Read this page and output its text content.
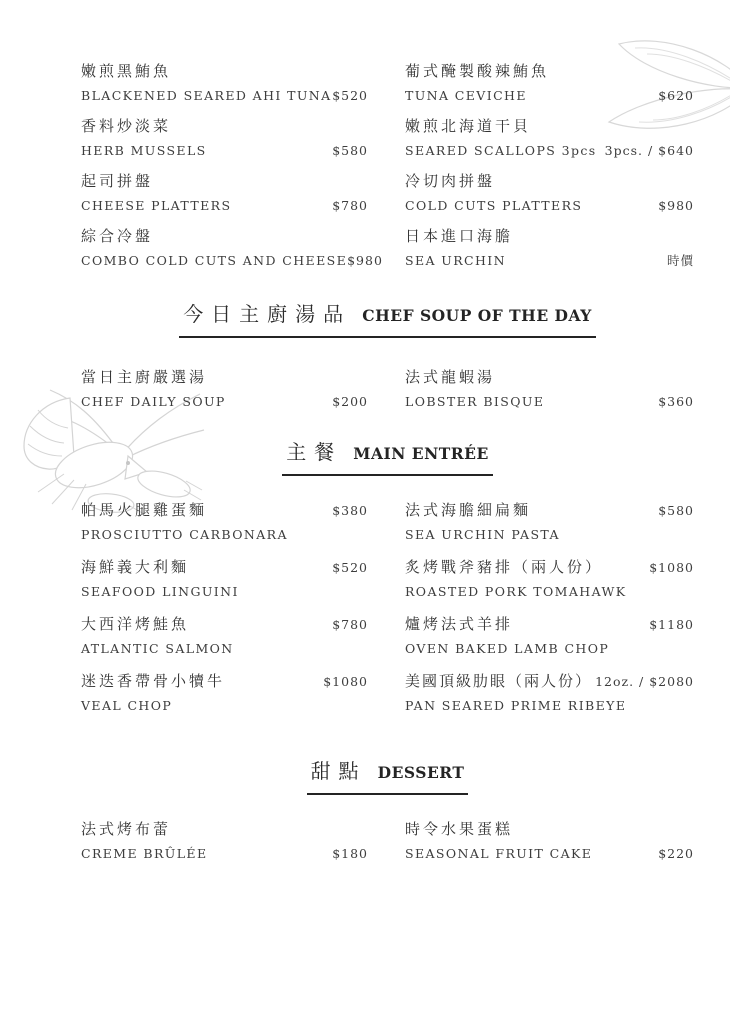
嫩煎黑鮪魚
BLACKENED SEARED AHI TUNA $520
葡式醃製酸辣鮪魚
TUNA CEVICHE	$620
香料炒淡菜
HERB MUSSELS	$580
嫩煎北海道干貝
SEARED SCALLOPS 3pcs 3pcs. / $640
起司拼盤
CHEESE PLATTERS	$780
冷切肉拼盤
COLD CUTS PLATTERS	$980
綜合冷盤
COMBO COLD CUTS AND CHEESE $980
日本進口海膽
SEA URCHIN	時價
今日主廚湯品 CHEF SOUP OF THE DAY
當日主廚嚴選湯
CHEF DAILY SOUP	$200
法式龍蝦湯
LOBSTER BISQUE	$360
主餐 MAIN ENTRÉE
帕馬火腿雞蛋麵	$380
PROSCIUTTO CARBONARA
法式海膽細扁麵	$580
SEA URCHIN PASTA
海鮮義大利麵	$520
SEAFOOD LINGUINI
炙烤戰斧豬排（兩人份）	$1080
ROASTED PORK TOMAHAWK
大西洋烤鮭魚	$780
ATLANTIC SALMON
爐烤法式羊排	$1180
OVEN BAKED LAMB CHOP
迷迭香帶骨小犢牛	$1080
VEAL CHOP
美國頂級肋眼（兩人份） 12oz. / $2080
PAN SEARED PRIME RIBEYE
甜點 DESSERT
法式烤布蕾
CREME BRÛLÉE	$180
時令水果蛋糕
SEASONAL FRUIT CAKE	$220
